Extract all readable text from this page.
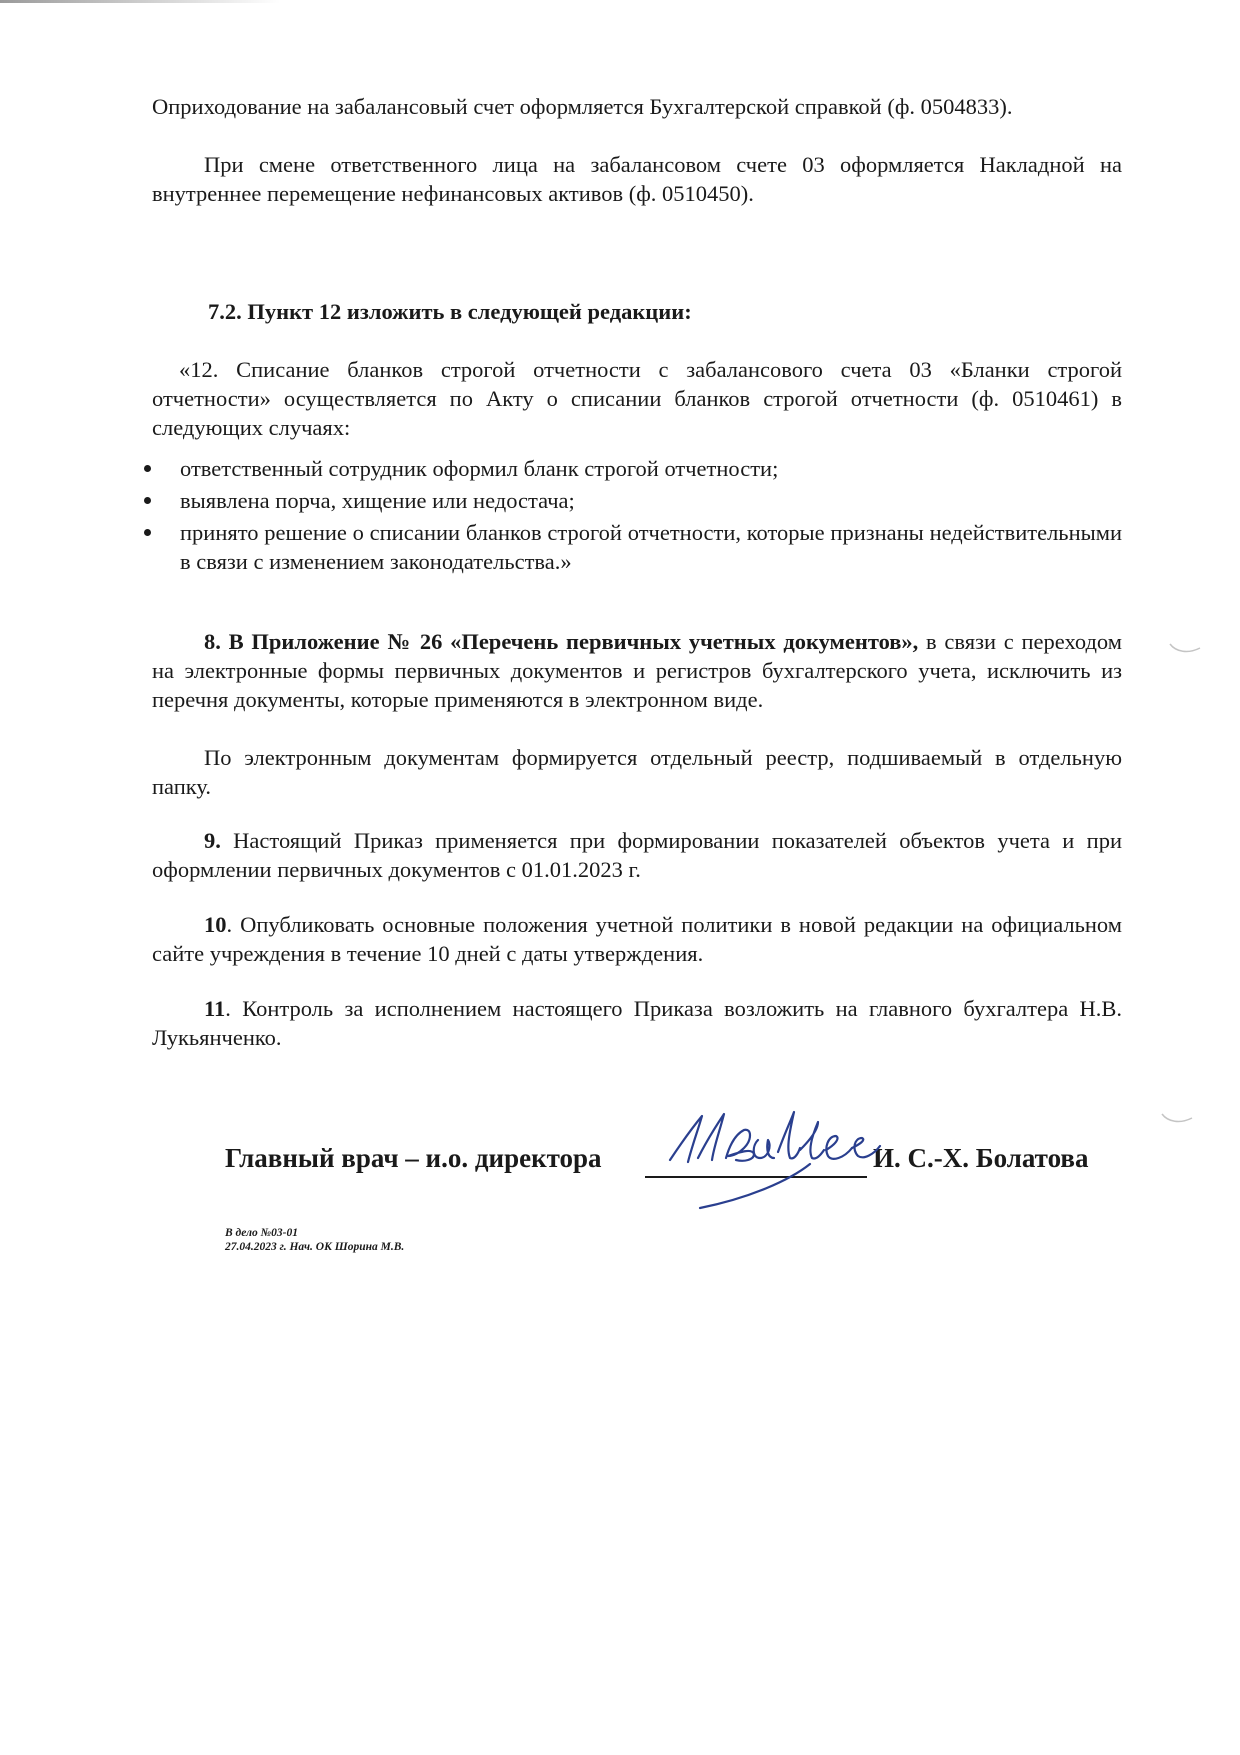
Оприходование на забалансовый счет оформляется Бухгалтерской справкой (ф. 0504833).

При смене ответственного лица на забалансовом счете 03 оформляется Накладной на внутреннее перемещение нефинансовых активов (ф. 0510450).

7.2. Пункт 12 изложить в следующей редакции:

«12. Списание бланков строгой отчетности с забалансового счета 03 «Бланки строгой отчетности» осуществляется по Акту о списании бланков строгой отчетности (ф. 0510461) в следующих случаях:

ответственный сотрудник оформил бланк строгой отчетности;
выявлена порча, хищение или недостача;
принято решение о списании бланков строгой отчетности, которые признаны недействительными в связи с изменением законодательства.»

8. В Приложение № 26 «Перечень первичных учетных документов», в связи с переходом на электронные формы первичных документов и регистров бухгалтерского учета, исключить из перечня документы, которые применяются в электронном виде.

По электронным документам формируется отдельный реестр, подшиваемый в отдельную папку.

9. Настоящий Приказ применяется при формировании показателей объектов учета и при оформлении первичных документов с 01.01.2023 г.

10. Опубликовать основные положения учетной политики в новой редакции на официальном сайте учреждения в течение 10 дней с даты утверждения.

11. Контроль за исполнением настоящего Приказа возложить на главного бухгалтера Н.В. Лукьянченко.

Главный врач – и.о. директора	И. С.-Х. Болатова
В дело №03-01
27.04.2023 г. Нач. ОК Шорина М.В.
